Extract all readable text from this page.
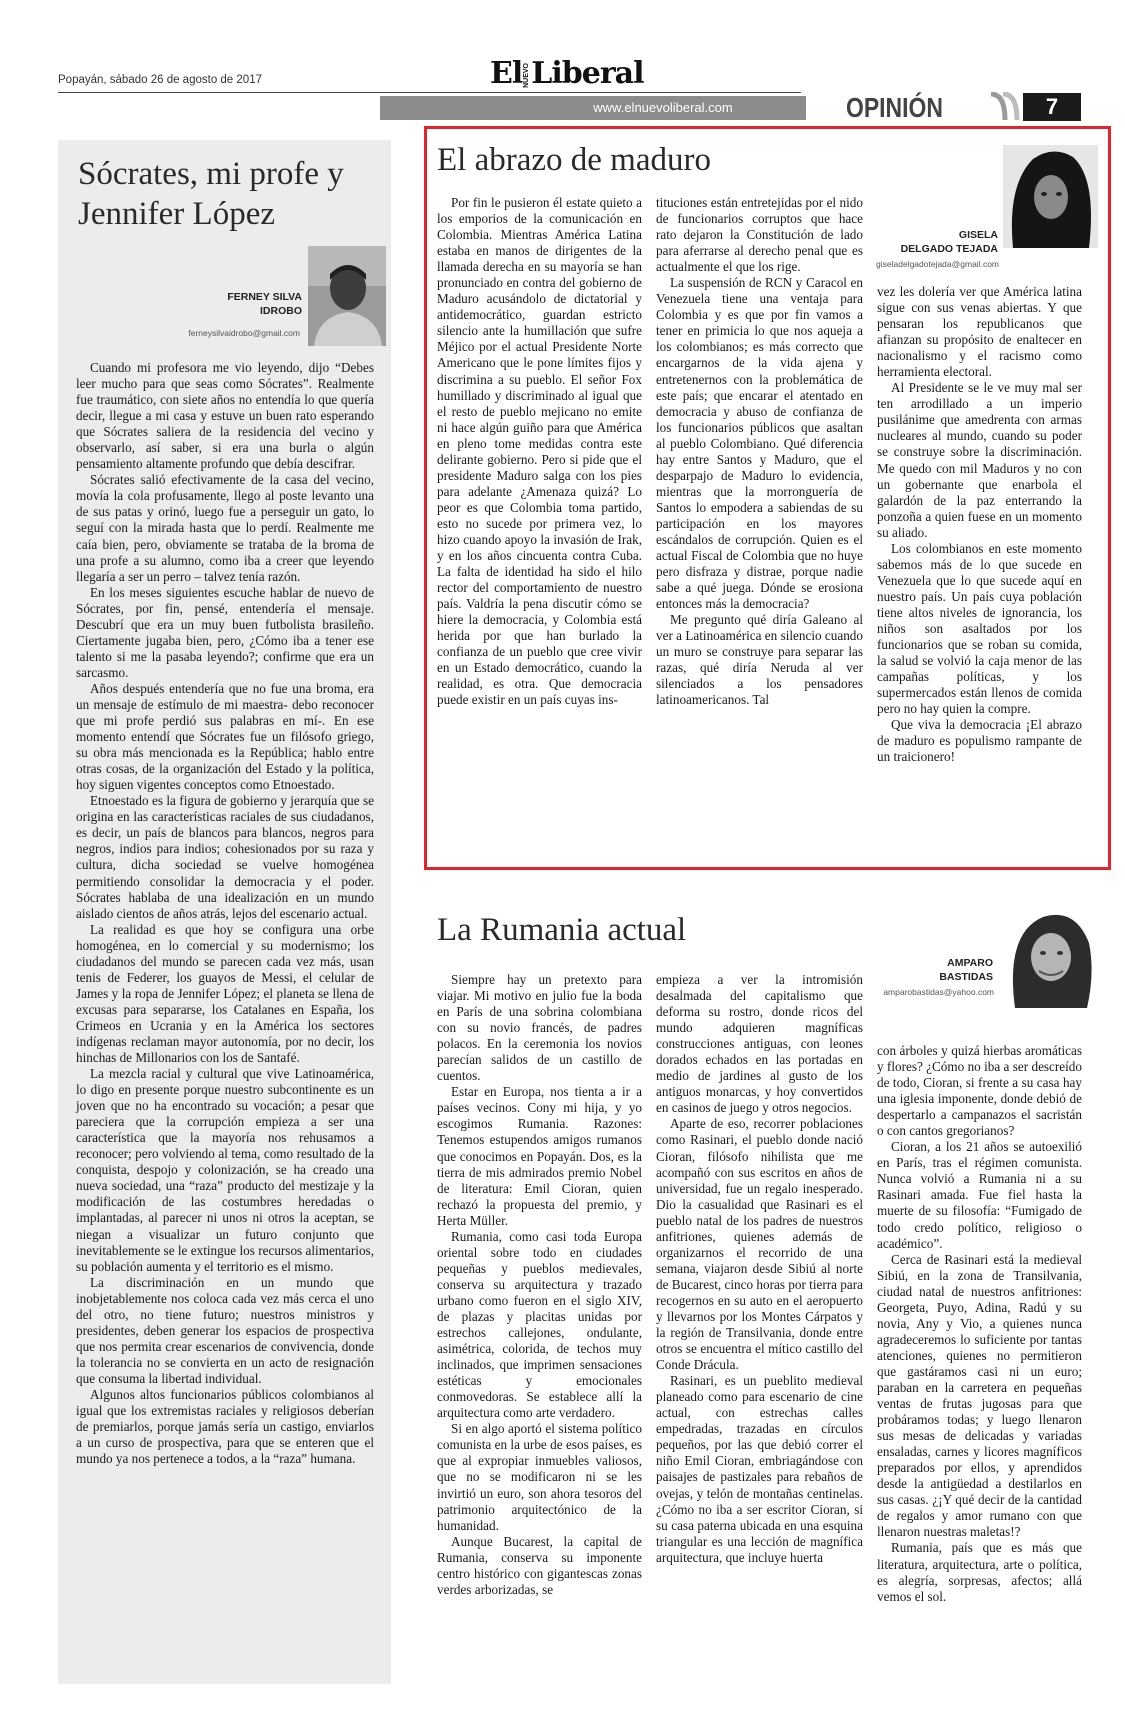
Popayán, sábado 26 de agosto de 2017	ElNUEVOLiberal
www.elnuevoliberal.com	OPINIÓN	7
Sócrates, mi profe y Jennifer López
FERNEY SILVA
IDROBO
ferneysilvaidrobo@gmail.com

Cuando mi profesora me vio leyendo, dijo “Debes leer mucho para que seas como Sócrates”. Realmente fue traumático, con siete años no entendía lo que quería decir, llegue a mi casa y estuve un buen rato esperando que Sócrates saliera de la residencia del vecino y observarlo, así saber, si era una burla o algún pensamiento altamente profundo que debía descifrar.

Sócrates salió efectivamente de la casa del vecino, movía la cola profusamente, llego al poste levanto una de sus patas y orinó, luego fue a perseguir un gato, lo seguí con la mirada hasta que lo perdí. Realmente me caía bien, pero, obviamente se trataba de la broma de una profe a su alumno, como iba a creer que leyendo llegaría a ser un perro – talvez tenía razón.

En los meses siguientes escuche hablar de nuevo de Sócrates, por fin, pensé, entendería el mensaje. Descubrí que era un muy buen futbolista brasileño. Ciertamente jugaba bien, pero, ¿Cómo iba a tener ese talento si me la pasaba leyendo?; confirme que era un sarcasmo.

Años después entendería que no fue una broma, era un mensaje de estímulo de mi maestra- debo reconocer que mi profe perdió sus palabras en mí-. En ese momento entendí que Sócrates fue un filósofo griego, su obra más mencionada es la República; hablo entre otras cosas, de la organización del Estado y la política, hoy siguen vigentes conceptos como Etnoestado.

Etnoestado es la figura de gobierno y jerarquía que se origina en las características raciales de sus ciudadanos, es decir, un país de blancos para blancos, negros para negros, indios para indios; cohesionados por su raza y cultura, dicha sociedad se vuelve homogénea permitiendo consolidar la democracia y el poder. Sócrates hablaba de una idealización en un mundo aislado cientos de años atrás, lejos del escenario actual.

La realidad es que hoy se configura una orbe homogénea, en lo comercial y su modernismo; los ciudadanos del mundo se parecen cada vez más, usan tenis de Federer, los guayos de Messi, el celular de James y la ropa de Jennifer López; el planeta se llena de excusas para separarse, los Catalanes en España, los Crimeos en Ucrania y en la América los sectores indígenas reclaman mayor autonomía, por no decir, los hinchas de Millonarios con los de Santafé.

La mezcla racial y cultural que vive Latinoamérica, lo digo en presente porque nuestro subcontinente es un joven que no ha encontrado su vocación; a pesar que pareciera que la corrupción empieza a ser una característica que la mayoría nos rehusamos a reconocer; pero volviendo al tema, como resultado de la conquista, despojo y colonización, se ha creado una nueva sociedad, una “raza” producto del mestizaje y la modificación de las costumbres heredadas o implantadas, al parecer ni unos ni otros la aceptan, se niegan a visualizar un futuro conjunto que inevitablemente se le extingue los recursos alimentarios, su población aumenta y el territorio es el mismo.

La discriminación en un mundo que inobjetablemente nos coloca cada vez más cerca el uno del otro, no tiene futuro; nuestros ministros y presidentes, deben generar los espacios de prospectiva que nos permita crear escenarios de convivencia, donde la tolerancia no se convierta en un acto de resignación que consuma la libertad individual.

Algunos altos funcionarios públicos colombianos al igual que los extremistas raciales y religiosos deberían de premiarlos, porque jamás sería un castigo, enviarlos a un curso de prospectiva, para que se enteren que el mundo ya nos pertenece a todos, a la “raza” humana.

El abrazo de maduro
GISELA
DELGADO TEJADA
giseladelgadotejada@gmail.com

Por fin le pusieron él estate quieto a los emporios de la comunicación en Colombia. Mientras América Latina estaba en manos de dirigentes de la llamada derecha en su mayoría se han pronunciado en contra del gobierno de Maduro acusándolo de dictatorial y antidemocrático, guardan estricto silencio ante la humillación que sufre Méjico por el actual Presidente Norte Americano que le pone límites fijos y discrimina a su pueblo. El señor Fox humillado y discriminado al igual que el resto de pueblo mejicano no emite ni hace algún guiño para que América en pleno tome medidas contra este delirante gobierno. Pero si pide que el presidente Maduro salga con los pies para adelante ¿Amenaza quizá? Lo peor es que Colombia toma partido, esto no sucede por primera vez, lo hizo cuando apoyo la invasión de Irak, y en los años cincuenta contra Cuba. La falta de identidad ha sido el hilo rector del comportamiento de nuestro país. Valdría la pena discutir cómo se hiere la democracia, y Colombia está herida por que han burlado la confianza de un pueblo que cree vivir en un Estado democrático, cuando la realidad, es otra. Que democracia puede existir en un país cuyas ins-

tituciones están entretejidas por el nido de funcionarios corruptos que hace rato dejaron la Constitución de lado para aferrarse al derecho penal que es actualmente el que los rige.

La suspensión de RCN y Caracol en Venezuela tiene una ventaja para Colombia y es que por fin vamos a tener en primicia lo que nos aqueja a los colombianos; es más correcto que encargarnos de la vida ajena y entretenernos con la problemática de este país; que encarar el atentado en democracia y abuso de confianza de los funcionarios públicos que asaltan al pueblo Colombiano. Qué diferencia hay entre Santos y Maduro, que el desparpajo de Maduro lo evidencia, mientras que la morronguería de Santos lo empodera a sabiendas de su participación en los mayores escándalos de corrupción. Quien es el actual Fiscal de Colombia que no huye pero disfraza y distrae, porque nadie sabe a qué juega. Dónde se erosiona entonces más la democracia?

Me pregunto qué diría Galeano al ver a Latinoamérica en silencio cuando un muro se construye para separar las razas, qué diría Neruda al ver silenciados a los pensadores latinoamericanos. Tal

vez les dolería ver que América latina sigue con sus venas abiertas. Y que pensaran los republicanos que afianzan su propósito de enaltecer en nacionalismo y el racismo como herramienta electoral.

Al Presidente se le ve muy mal ser ten arrodillado a un imperio pusilánime que amedrenta con armas nucleares al mundo, cuando su poder se construye sobre la discriminación. Me quedo con mil Maduros y no con un gobernante que enarbola el galardón de la paz enterrando la ponzoña a quien fuese en un momento su aliado.

Los colombianos en este momento sabemos más de lo que sucede en Venezuela que lo que sucede aquí en nuestro país. Un país cuya población tiene altos niveles de ignorancia, los niños son asaltados por los funcionarios que se roban su comida, la salud se volvió la caja menor de las campañas políticas, y los supermercados están llenos de comida pero no hay quien la compre.

Que viva la democracia ¡El abrazo de maduro es populismo rampante de un traicionero!

La Rumania actual
AMPARO
BASTIDAS
amparobastidas@yahoo.com

Siempre hay un pretexto para viajar. Mi motivo en julio fue la boda en París de una sobrina colombiana con su novio francés, de padres polacos. En la ceremonia los novios parecían salidos de un castillo de cuentos.

Estar en Europa, nos tienta a ir a países vecinos. Cony mi hija, y yo escogimos Rumania. Razones: Tenemos estupendos amigos rumanos que conocimos en Popayán. Dos, es la tierra de mis admirados premio Nobel de literatura: Emil Cioran, quien rechazó la propuesta del premio, y Herta Müller.

Rumania, como casi toda Europa oriental sobre todo en ciudades pequeñas y pueblos medievales, conserva su arquitectura y trazado urbano como fueron en el siglo XIV, de plazas y placitas unidas por estrechos callejones, ondulante, asimétrica, colorida, de techos muy inclinados, que imprimen sensaciones estéticas y emocionales conmovedoras. Se establece allí la arquitectura como arte verdadero.

Si en algo aportó el sistema político comunista en la urbe de esos países, es que al expropiar inmuebles valiosos, que no se modificaron ni se les invirtió un euro, son ahora tesoros del patrimonio arquitectónico de la humanidad.

Aunque Bucarest, la capital de Rumania, conserva su imponente centro histórico con gigantescas zonas verdes arborizadas, se

empieza a ver la intromisión desalmada del capitalismo que deforma su rostro, donde ricos del mundo adquieren magníficas construcciones antiguas, con leones dorados echados en las portadas en medio de jardines al gusto de los antiguos monarcas, y hoy convertidos en casinos de juego y otros negocios.

Aparte de eso, recorrer poblaciones como Rasinari, el pueblo donde nació Cioran, filósofo nihilista que me acompañó con sus escritos en años de universidad, fue un regalo inesperado. Dio la casualidad que Rasinari es el pueblo natal de los padres de nuestros anfitriones, quienes además de organizarnos el recorrido de una semana, viajaron desde Sibiú al norte de Bucarest, cinco horas por tierra para recogernos en su auto en el aeropuerto y llevarnos por los Montes Cárpatos y la región de Transilvania, donde entre otros se encuentra el mítico castillo del Conde Drácula.

Rasinari, es un pueblito medieval planeado como para escenario de cine actual, con estrechas calles empedradas, trazadas en círculos pequeños, por las que debió correr el niño Emil Cioran, embriagándose con paisajes de pastizales para rebaños de ovejas, y telón de montañas centinelas. ¿Cómo no iba a ser escritor Cioran, si su casa paterna ubicada en una esquina triangular es una lección de magnífica arquitectura, que incluye huerta

con árboles y quizá hierbas aromáticas y flores? ¿Cómo no iba a ser descreído de todo, Cioran, si frente a su casa hay una iglesia imponente, donde debió de despertarlo a campanazos el sacristán o con cantos gregorianos?

Cioran, a los 21 años se autoexilió en París, tras el régimen comunista. Nunca volvió a Rumania ni a su Rasinari amada. Fue fiel hasta la muerte de su filosofía: “Fumigado de todo credo político, religioso o académico”.

Cerca de Rasinari está la medieval Sibiú, en la zona de Transilvania, ciudad natal de nuestros anfitriones: Georgeta, Puyo, Adina, Radú y su novia, Any y Vio, a quienes nunca agradeceremos lo suficiente por tantas atenciones, quienes no permitieron que gastáramos casi ni un euro; paraban en la carretera en pequeñas ventas de frutas jugosas para que probáramos todas; y luego llenaron sus mesas de delicadas y variadas ensaladas, carnes y licores magníficos preparados por ellos, y aprendidos desde la antigüedad a destilarlos en sus casas. ¿¡Y qué decir de la cantidad de regalos y amor rumano con que llenaron nuestras maletas!?

Rumania, país que es más que literatura, arquitectura, arte o política, es alegría, sorpresas, afectos; allá vemos el sol.
